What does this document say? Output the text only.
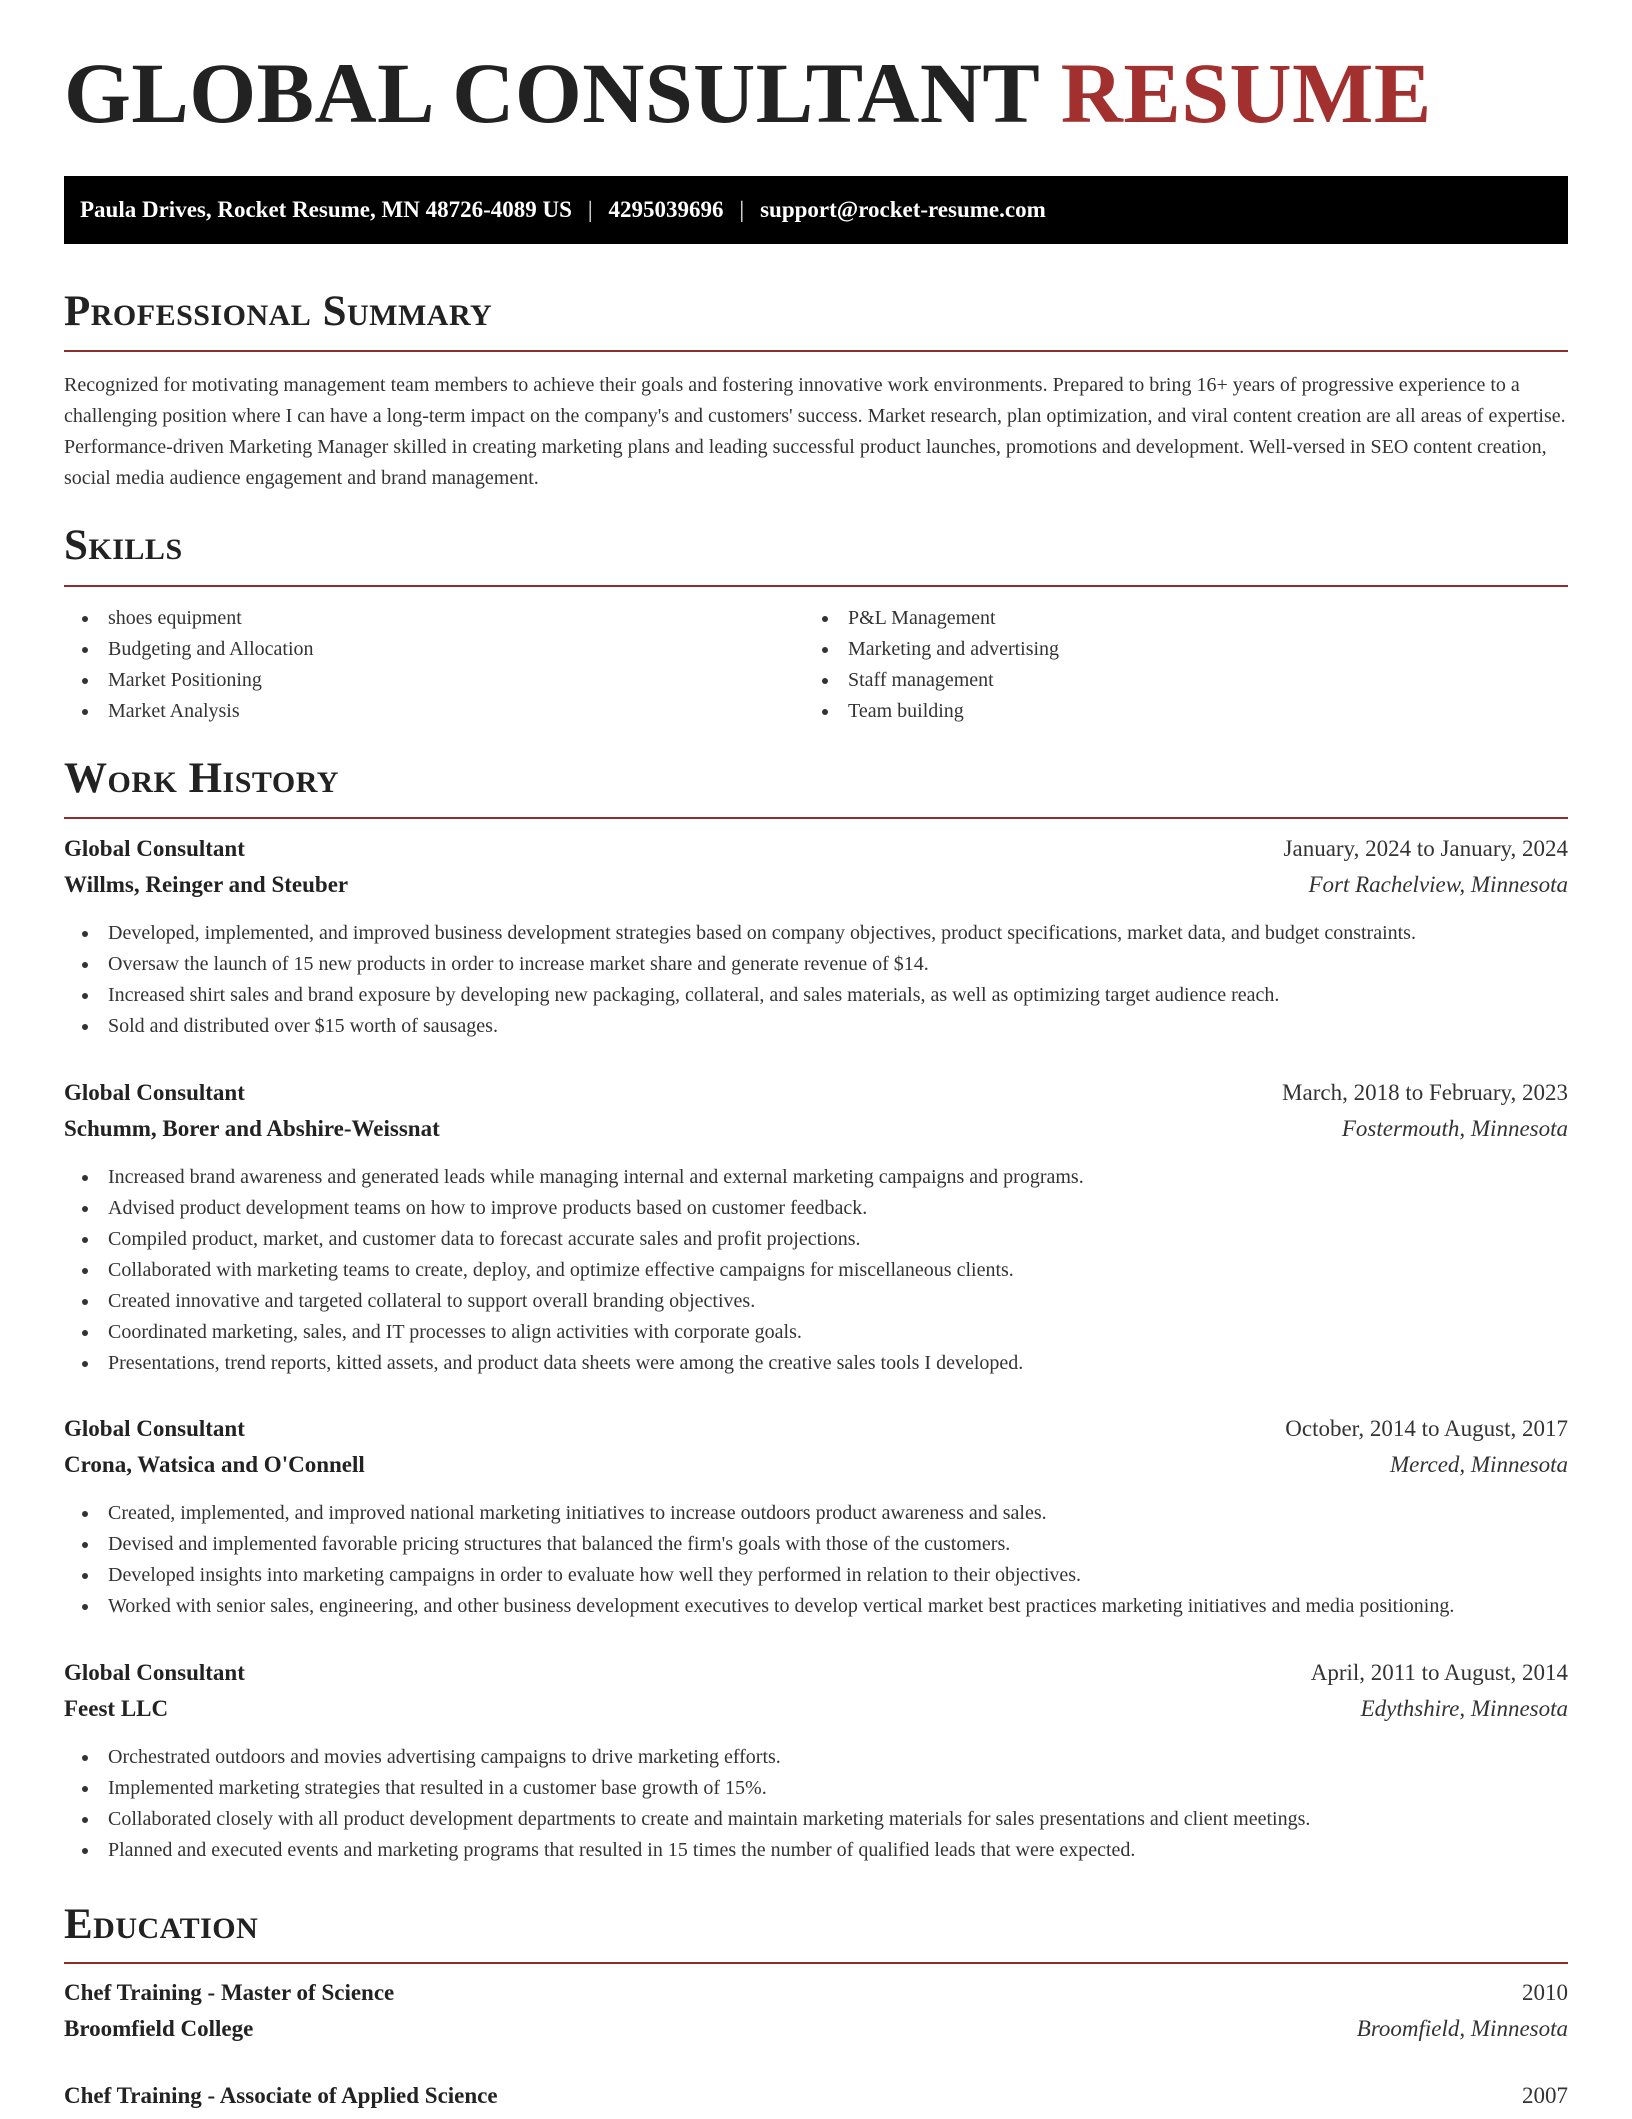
GLOBAL CONSULTANT RESUME
Paula Drives, Rocket Resume, MN 48726-4089 US | 4295039696 | support@rocket-resume.com
Professional Summary

Recognized for motivating management team members to achieve their goals and fostering innovative work environments. Prepared to bring 16+ years of progressive experience to a challenging position where I can have a long-term impact on the company's and customers' success. Market research, plan optimization, and viral content creation are all areas of expertise. Performance-driven Marketing Manager skilled in creating marketing plans and leading successful product launches, promotions and development. Well-versed in SEO content creation, social media audience engagement and brand management.

Skills
shoes equipment
Budgeting and Allocation
Market Positioning
Market Analysis
P&L Management
Marketing and advertising
Staff management
Team building
Work History
Global Consultant	January, 2024 to January, 2024
Willms, Reinger and Steuber	Fort Rachelview, Minnesota
Developed, implemented, and improved business development strategies based on company objectives, product specifications, market data, and budget constraints.
Oversaw the launch of 15 new products in order to increase market share and generate revenue of $14.
Increased shirt sales and brand exposure by developing new packaging, collateral, and sales materials, as well as optimizing target audience reach.
Sold and distributed over $15 worth of sausages.
Global Consultant	March, 2018 to February, 2023
Schumm, Borer and Abshire-Weissnat	Fostermouth, Minnesota
Increased brand awareness and generated leads while managing internal and external marketing campaigns and programs.
Advised product development teams on how to improve products based on customer feedback.
Compiled product, market, and customer data to forecast accurate sales and profit projections.
Collaborated with marketing teams to create, deploy, and optimize effective campaigns for miscellaneous clients.
Created innovative and targeted collateral to support overall branding objectives.
Coordinated marketing, sales, and IT processes to align activities with corporate goals.
Presentations, trend reports, kitted assets, and product data sheets were among the creative sales tools I developed.
Global Consultant	October, 2014 to August, 2017
Crona, Watsica and O'Connell	Merced, Minnesota
Created, implemented, and improved national marketing initiatives to increase outdoors product awareness and sales.
Devised and implemented favorable pricing structures that balanced the firm's goals with those of the customers.
Developed insights into marketing campaigns in order to evaluate how well they performed in relation to their objectives.
Worked with senior sales, engineering, and other business development executives to develop vertical market best practices marketing initiatives and media positioning.
Global Consultant	April, 2011 to August, 2014
Feest LLC	Edythshire, Minnesota
Orchestrated outdoors and movies advertising campaigns to drive marketing efforts.
Implemented marketing strategies that resulted in a customer base growth of 15%.
Collaborated closely with all product development departments to create and maintain marketing materials for sales presentations and client meetings.
Planned and executed events and marketing programs that resulted in 15 times the number of qualified leads that were expected.
Education
Chef Training - Master of Science	2010
Broomfield College	Broomfield, Minnesota
Chef Training - Associate of Applied Science	2007
